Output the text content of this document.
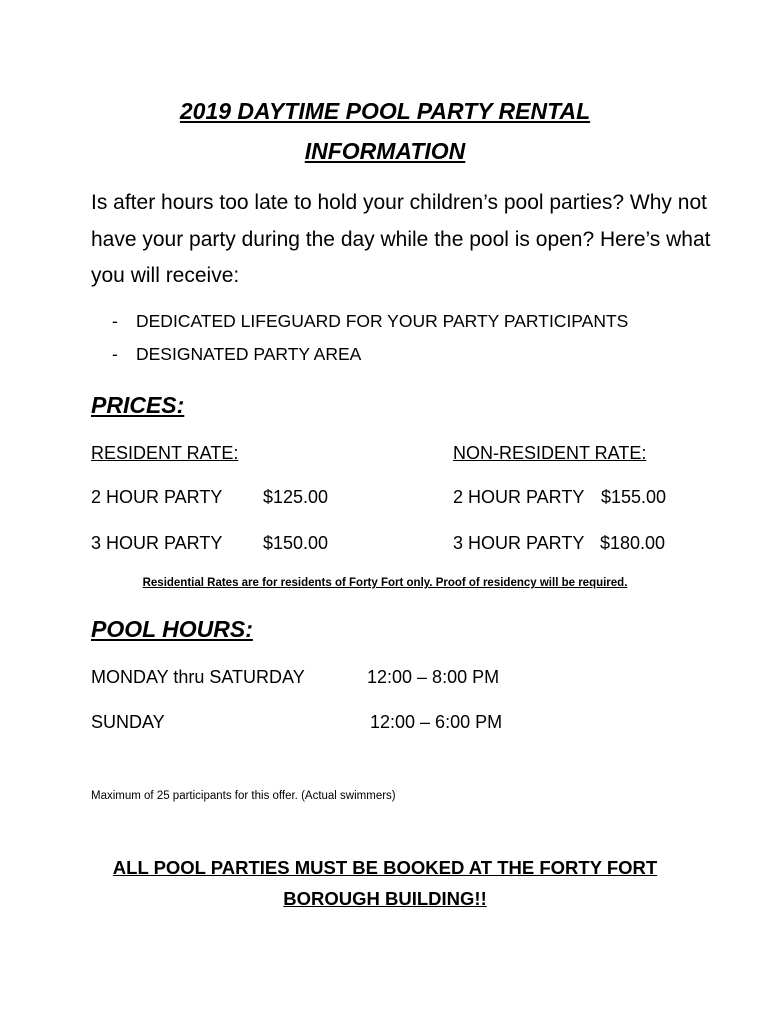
2019 DAYTIME POOL PARTY RENTAL
INFORMATION
Is after hours too late to hold your children’s pool parties? Why not have your party during the day while the pool is open? Here’s what you will receive:
- DEDICATED LIFEGUARD FOR YOUR PARTY PARTICIPANTS
- DESIGNATED PARTY AREA
PRICES:
RESIDENT RATE:	NON-RESIDENT RATE:
2 HOUR PARTY $125.00	2 HOUR PARTY $155.00
3 HOUR PARTY $150.00	3 HOUR PARTY $180.00
Residential Rates are for residents of Forty Fort only. Proof of residency will be required.
POOL HOURS:
MONDAY thru SATURDAY	12:00 – 8:00 PM
SUNDAY	12:00 – 6:00 PM
Maximum of 25 participants for this offer. (Actual swimmers)
ALL POOL PARTIES MUST BE BOOKED AT THE FORTY FORT
BOROUGH BUILDING!!
